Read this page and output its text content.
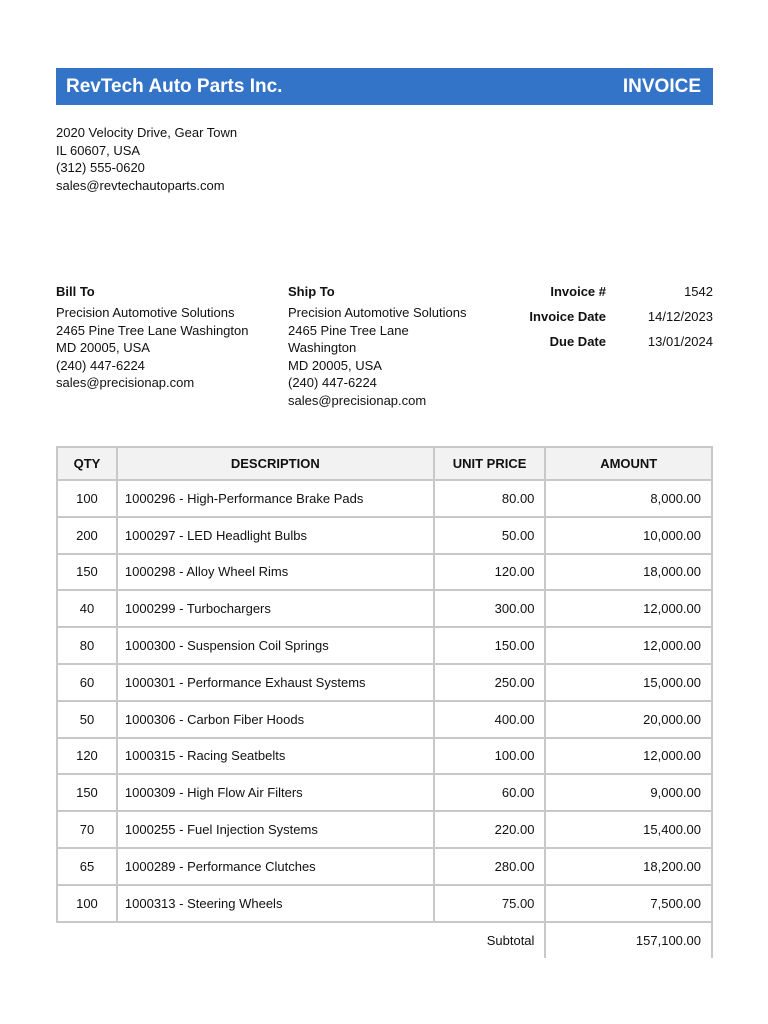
RevTech Auto Parts Inc.	INVOICE
2020 Velocity Drive, Gear Town
IL 60607, USA
(312) 555-0620
sales@revtechautoparts.com
Bill To
Precision Automotive Solutions
2465 Pine Tree Lane Washington
MD 20005, USA
(240) 447-6224
sales@precisionap.com
Ship To
Precision Automotive Solutions
2465 Pine Tree Lane
Washington
MD 20005, USA
(240) 447-6224
sales@precisionap.com
Invoice #	1542
Invoice Date	14/12/2023
Due Date	13/01/2024
QTY	DESCRIPTION	UNIT PRICE	AMOUNT
100	1000296 - High-Performance Brake Pads	80.00	8,000.00
200	1000297 - LED Headlight Bulbs	50.00	10,000.00
150	1000298 - Alloy Wheel Rims	120.00	18,000.00
40	1000299 - Turbochargers	300.00	12,000.00
80	1000300 - Suspension Coil Springs	150.00	12,000.00
60	1000301 - Performance Exhaust Systems	250.00	15,000.00
50	1000306 - Carbon Fiber Hoods	400.00	20,000.00
120	1000315 - Racing Seatbelts	100.00	12,000.00
150	1000309 - High Flow Air Filters	60.00	9,000.00
70	1000255 - Fuel Injection Systems	220.00	15,400.00
65	1000289 - Performance Clutches	280.00	18,200.00
100	1000313 - Steering Wheels	75.00	7,500.00
Subtotal			157,100.00
